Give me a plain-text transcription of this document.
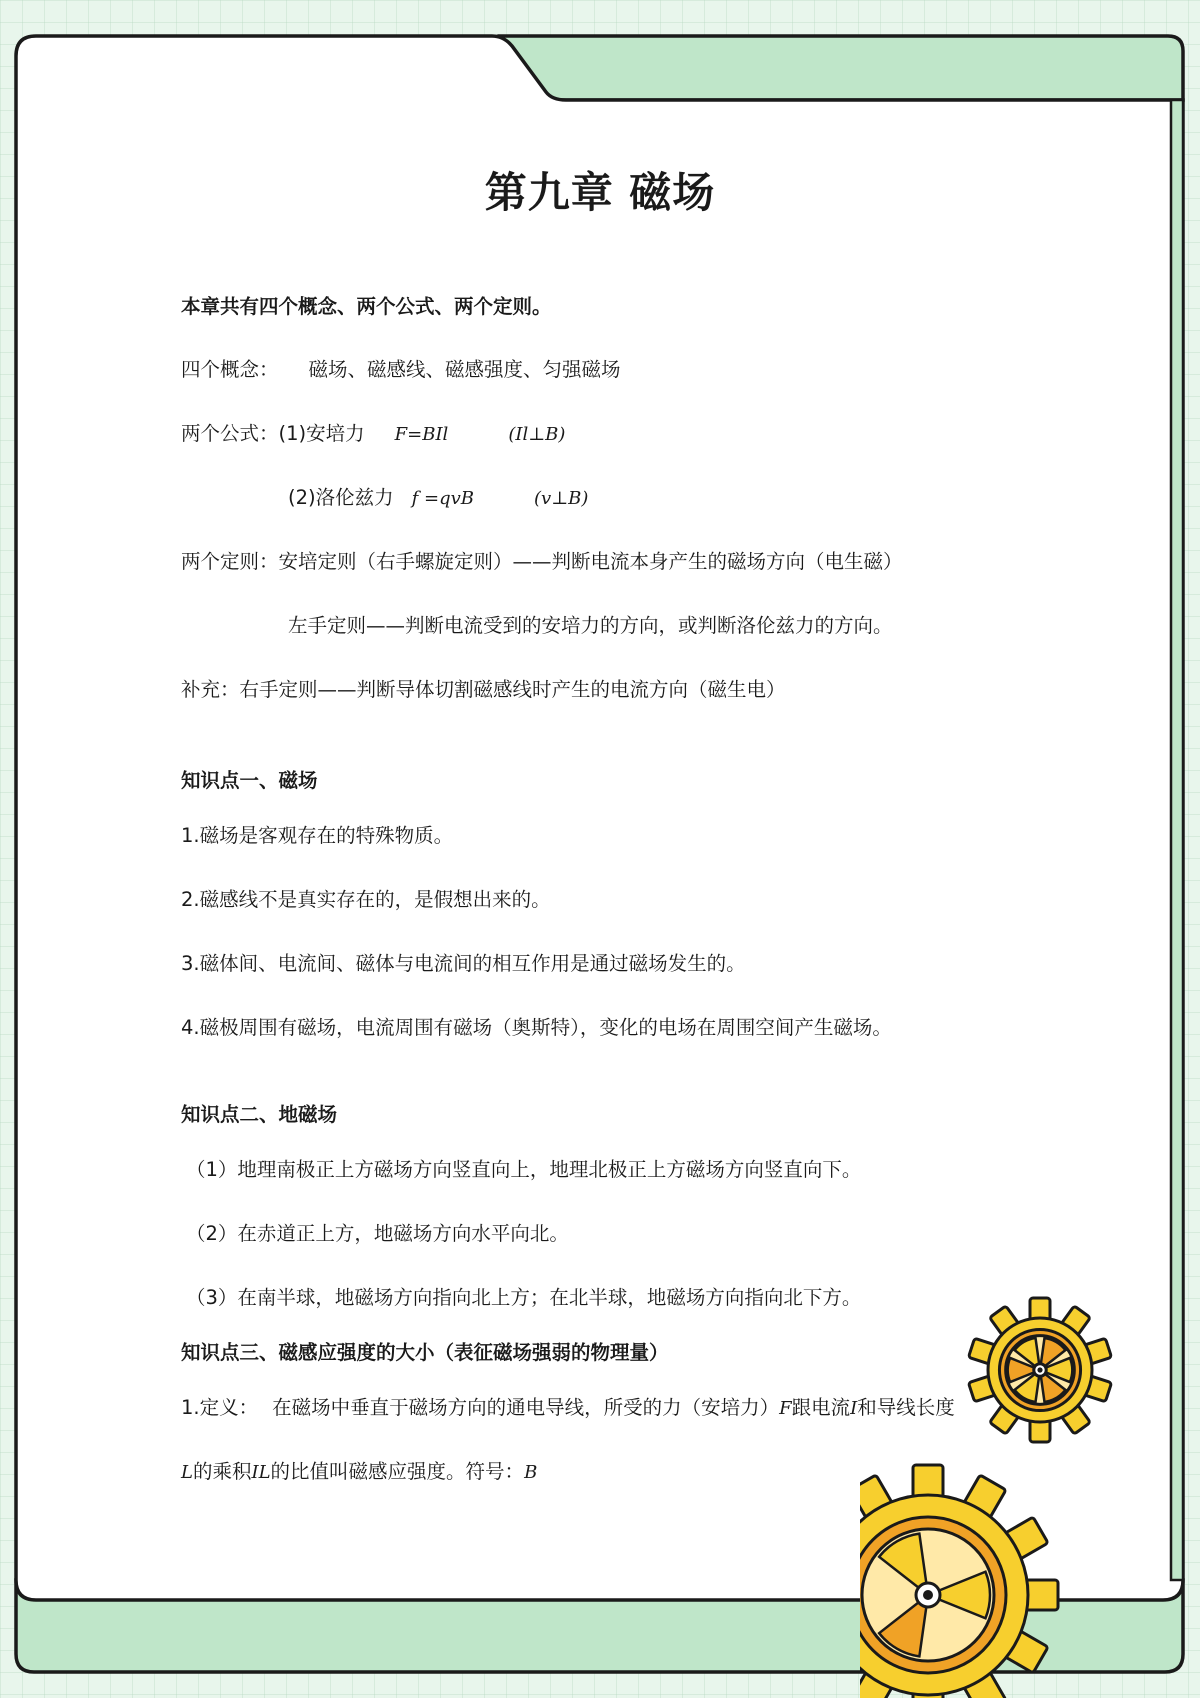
第九章 磁场
本章共有四个概念、两个公式、两个定则。
四个概念： 磁场、磁感线、磁感强度、匀强磁场
两个公式：(1)安培力 F=BIl	(Il⊥B)
(2)洛伦兹力 f =qvB	(v⊥B)
两个定则：安培定则（右手螺旋定则）——判断电流本身产生的磁场方向（电生磁）
左手定则——判断电流受到的安培力的方向，或判断洛伦兹力的方向。
补充：右手定则——判断导体切割磁感线时产生的电流方向（磁生电）
知识点一、磁场
1.磁场是客观存在的特殊物质。
2.磁感线不是真实存在的，是假想出来的。
3.磁体间、电流间、磁体与电流间的相互作用是通过磁场发生的。
4.磁极周围有磁场，电流周围有磁场（奥斯特），变化的电场在周围空间产生磁场。
知识点二、地磁场
（1）地理南极正上方磁场方向竖直向上，地理北极正上方磁场方向竖直向下。
（2）在赤道正上方，地磁场方向水平向北。
（3）在南半球，地磁场方向指向北上方；在北半球，地磁场方向指向北下方。
知识点三、磁感应强度的大小（表征磁场强弱的物理量）
1.定义： 在磁场中垂直于磁场方向的通电导线，所受的力（安培力）F跟电流I和导线长度
L的乘积IL的比值叫磁感应强度。符号：B
